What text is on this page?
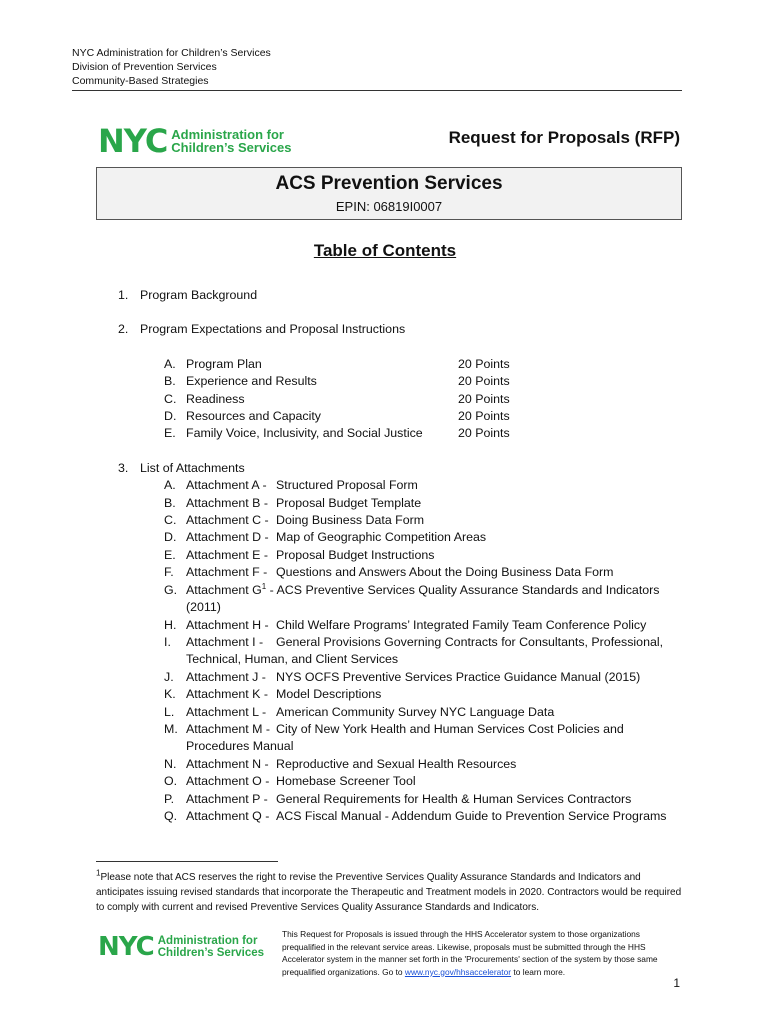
NYC Administration for Children’s Services
Division of Prevention Services
Community-Based Strategies
NYC Administration for
Children’s Services
Request for Proposals (RFP)
ACS Prevention Services
EPIN: 06819I0007
Table of Contents
1. Program Background
2. Program Expectations and Proposal Instructions
A. Program Plan	20 Points
B. Experience and Results	20 Points
C. Readiness	20 Points
D. Resources and Capacity	20 Points
E. Family Voice, Inclusivity, and Social Justice	20 Points
3. List of Attachments
A. Attachment A - Structured Proposal Form
B. Attachment B - Proposal Budget Template
C. Attachment C - Doing Business Data Form
D. Attachment D - Map of Geographic Competition Areas
E. Attachment E - Proposal Budget Instructions
F. Attachment F - Questions and Answers About the Doing Business Data Form
G. Attachment $G^1$ - ACS Preventive Services Quality Assurance Standards and Indicators (2011)
H. Attachment H - Child Welfare Programs’ Integrated Family Team Conference Policy
I.	Attachment I - General Provisions Governing Contracts for Consultants, Professional, Technical, Human, and Client Services
J. Attachment J - NYS OCFS Preventive Services Practice Guidance Manual (2015)
K. Attachment K - Model Descriptions
L. Attachment L - American Community Survey NYC Language Data
M. Attachment M - City of New York Health and Human Services Cost Policies and Procedures Manual
N. Attachment N - Reproductive and Sexual Health Resources
O. Attachment O - Homebase Screener Tool
P. Attachment P - General Requirements for Health & Human Services Contractors
Q. Attachment Q - ACS Fiscal Manual - Addendum Guide to Prevention Service Programs
$^1$Please note that ACS reserves the right to revise the Preventive Services Quality Assurance Standards and Indicators and anticipates issuing revised standards that incorporate the Therapeutic and Treatment models in 2020. Contractors would be required to comply with current and revised Preventive Services Quality Assurance Standards and Indicators.
NYC Administration for
Children’s Services
This Request for Proposals is issued through the HHS Accelerator system to those organizations prequalified in the relevant service areas. Likewise, proposals must be submitted through the HHS Accelerator system in the manner set forth in the 'Procurements' section of the system by those same prequalified organizations. Go to www.nyc.gov/hhsaccelerator to learn more.
1
